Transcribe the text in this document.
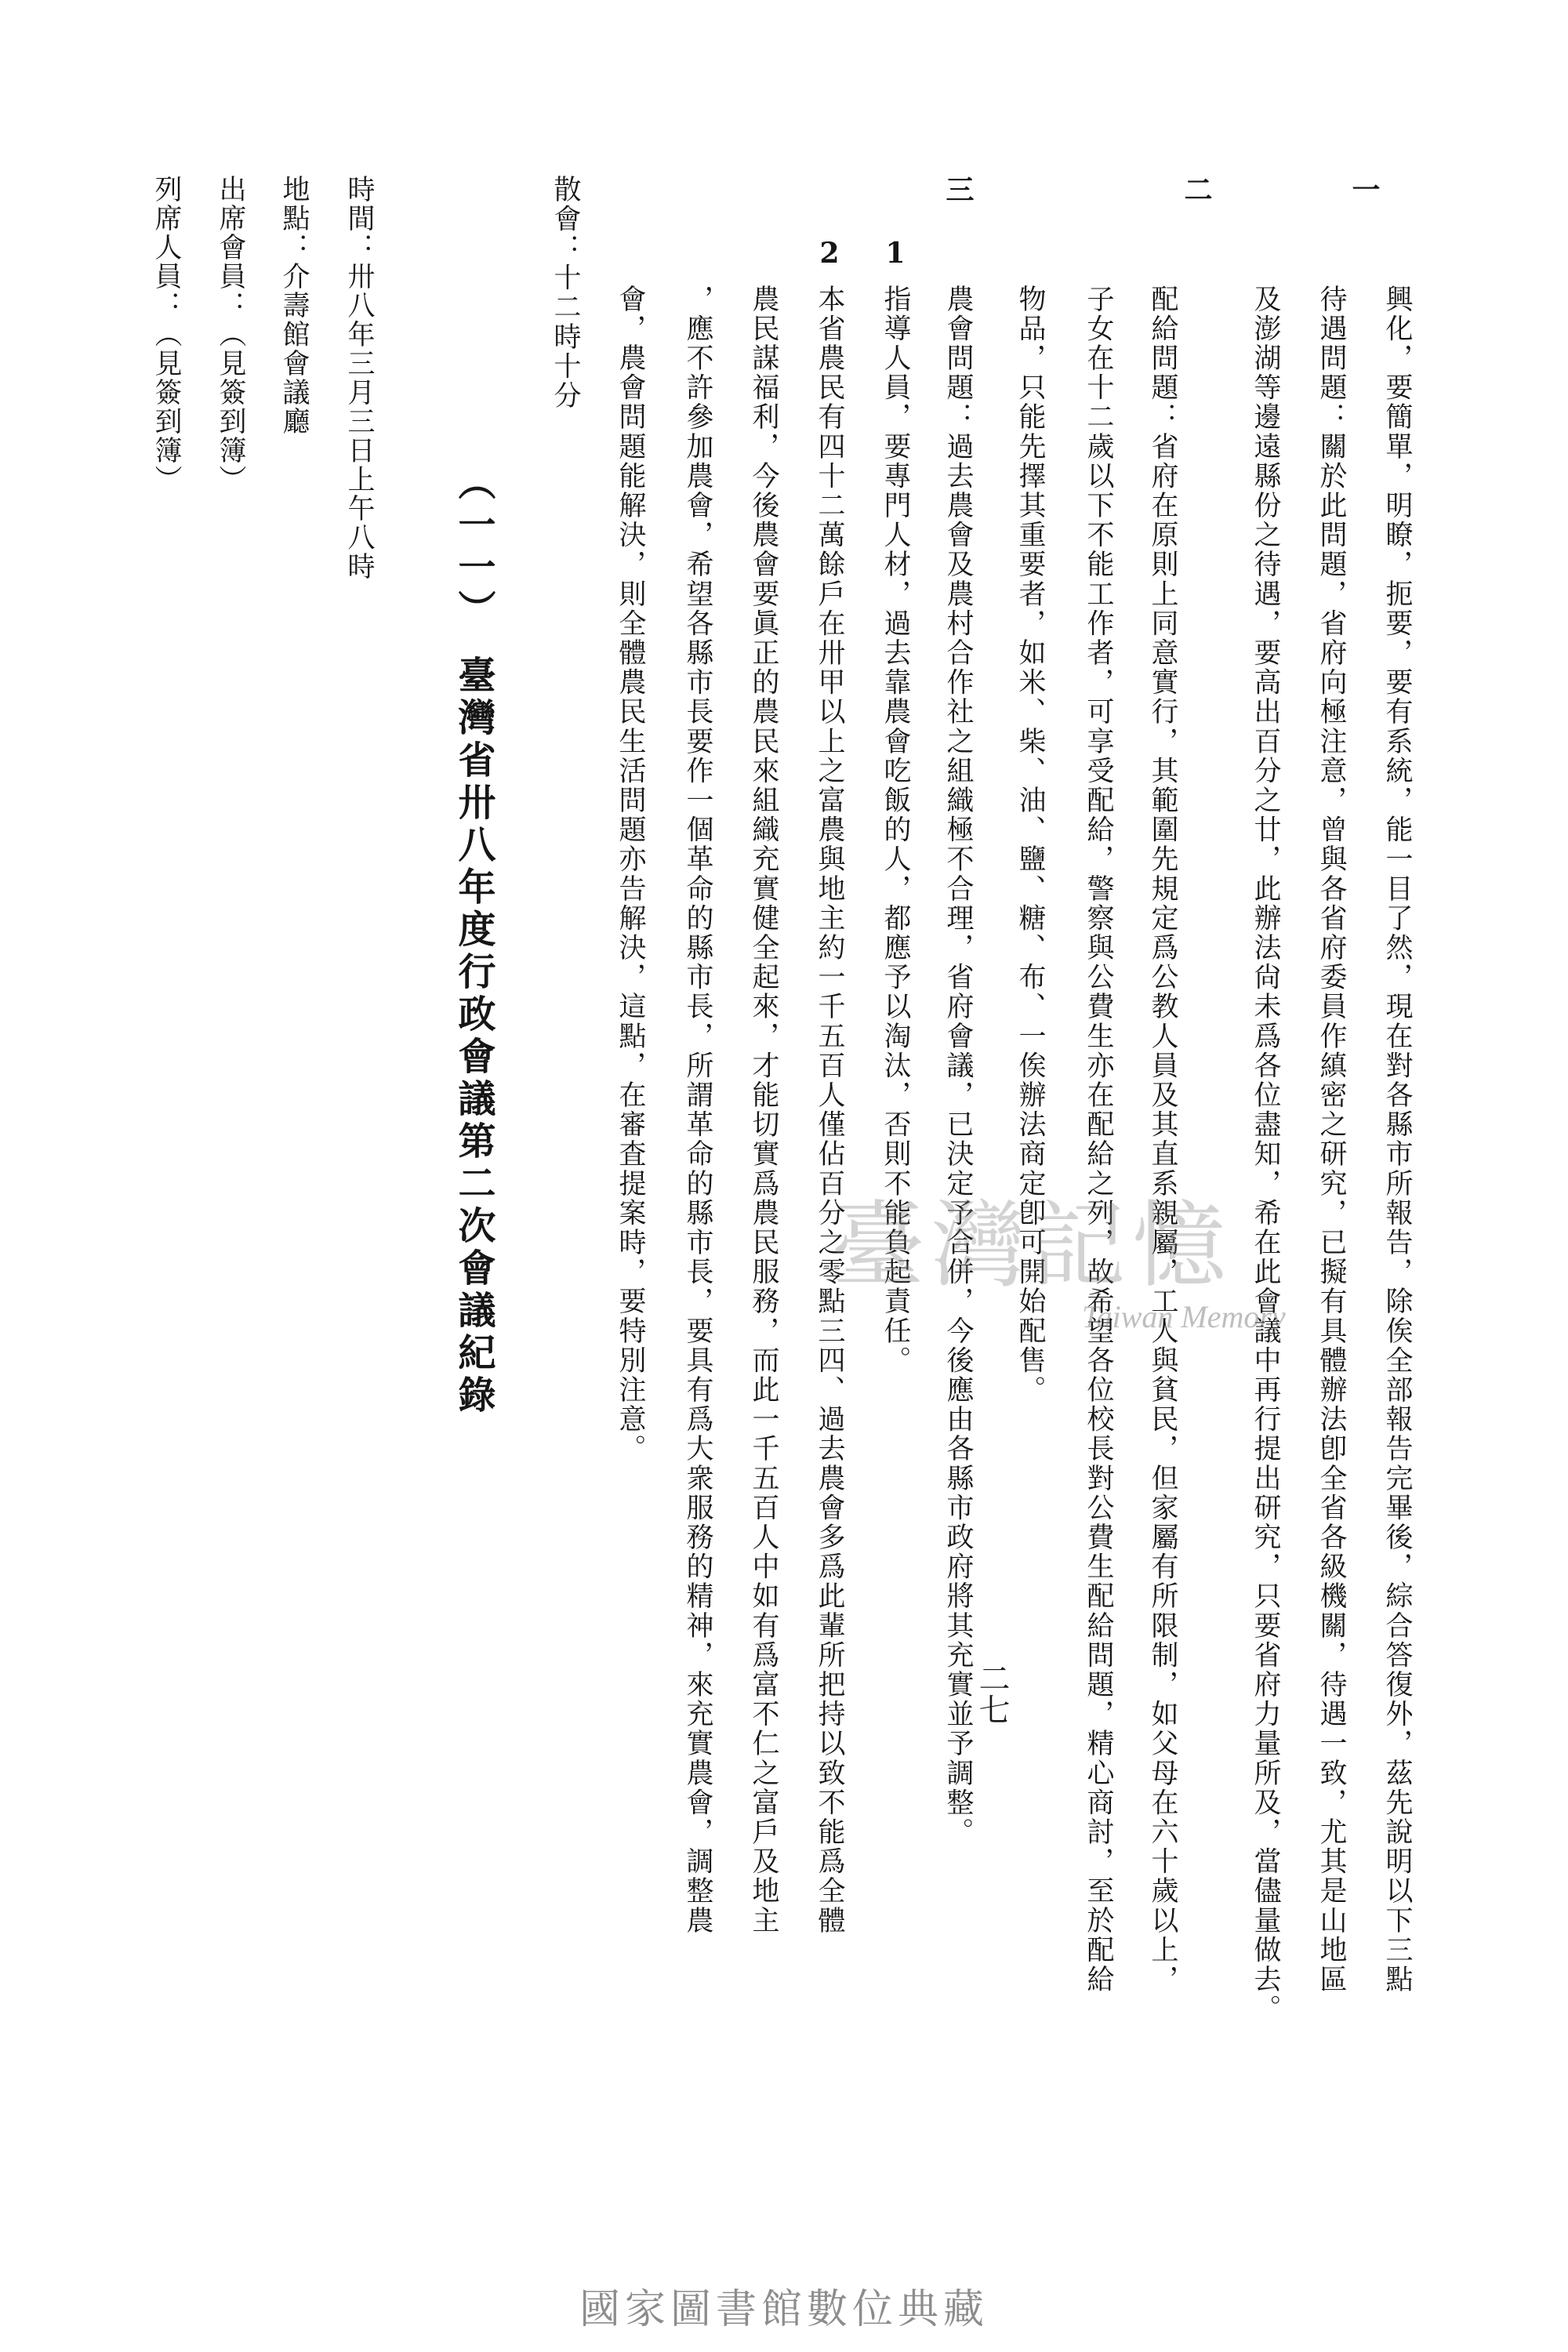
一
二
三
1
2
興化，要簡單，明瞭，扼要，要有系統，能一目了然，現在對各縣市所報告，除俟全部報告完畢後，綜合答復外，茲先說明以下三點
待遇問題：關於此問題，省府向極注意，曾與各省府委員作縝密之研究，已擬有具體辦法卽全省各級機關，待遇一致，尤其是山地區
及澎湖等邊遠縣份之待遇，要高出百分之廿，此辦法尙未爲各位盡知，希在此會議中再行提出研究，只要省府力量所及，當儘量做去。
配給問題：省府在原則上同意實行，其範圍先規定爲公教人員及其直系親屬，工人與貧民，但家屬有所限制，如父母在六十歲以上，
子女在十二歲以下不能工作者，可享受配給，警察與公費生亦在配給之列，故希望各位校長對公費生配給問題，精心商討，至於配給
物品，只能先擇其重要者，如米、柴、油、鹽、糖、布、一俟辦法商定卽可開始配售。
農會問題：過去農會及農村合作社之組織極不合理，省府會議，已決定予合併，今後應由各縣市政府將其充實並予調整。
指導人員，要專門人材，過去靠農會吃飯的人，都應予以淘汰，否則不能負起責任。
本省農民有四十二萬餘戶在卅甲以上之富農與地主約一千五百人僅佔百分之零點三四、過去農會多爲此輩所把持以致不能爲全體
農民謀福利，今後農會要眞正的農民來組織充實健全起來，才能切實爲農民服務，而此一千五百人中如有爲富不仁之富戶及地主
，應不許參加農會，希望各縣市長要作一個革命的縣市長，所謂革命的縣市長，要具有爲大衆服務的精神，來充實農會，調整農
會，農會問題能解決，則全體農民生活問題亦告解決，這點，在審査提案時，要特別注意。
散會：十二時十分
（一一）　臺灣省卅八年度行政會議第二次會議紀錄
時間：卅八年三月三日上午八時
地點：介壽館會議廳
出席會員：（見簽到簿）
列席人員：（見簽到簿）
二七
臺灣記憶
Taiwan Memory
國家圖書館數位典藏
